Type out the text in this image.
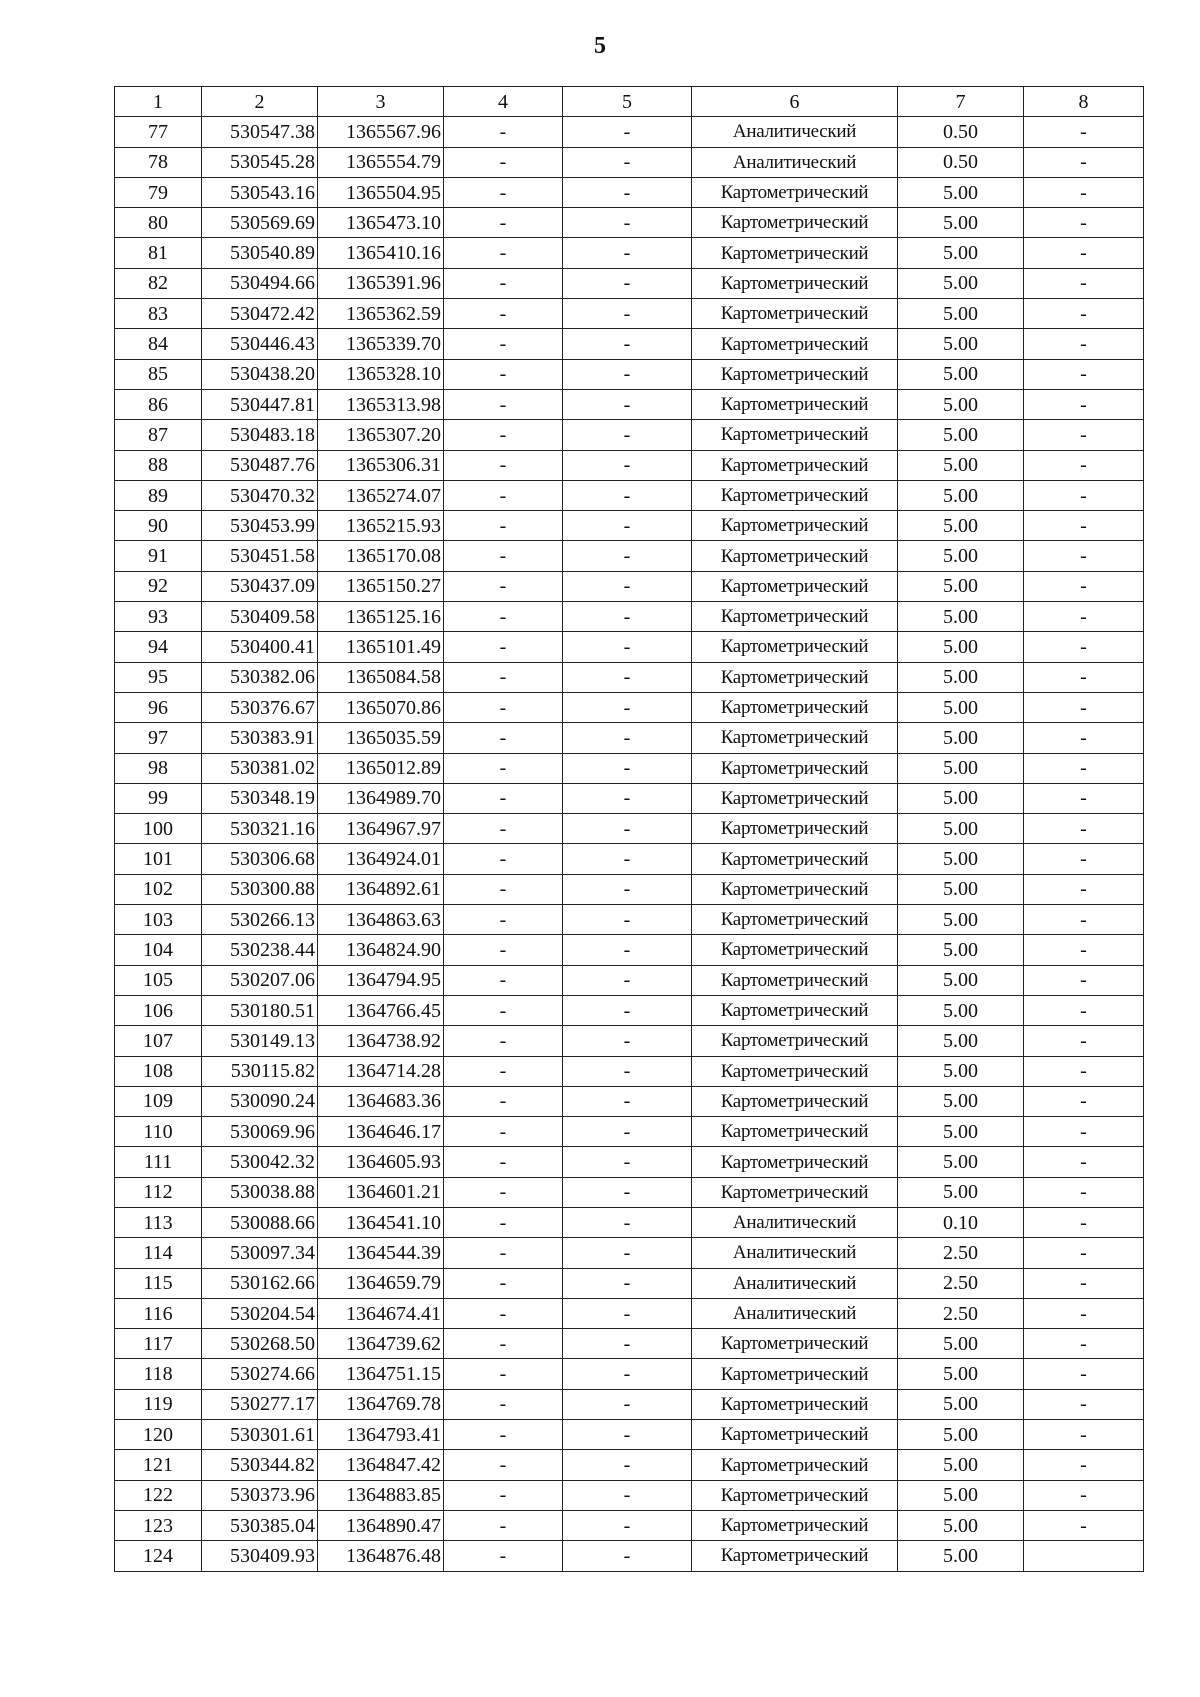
5
1	2	3	4	5	6	7	8
77	530547.38	1365567.96	-	-	Аналитический	0.50	-
78	530545.28	1365554.79	-	-	Аналитический	0.50	-
79	530543.16	1365504.95	-	-	Картометрический	5.00	-
80	530569.69	1365473.10	-	-	Картометрический	5.00	-
81	530540.89	1365410.16	-	-	Картометрический	5.00	-
82	530494.66	1365391.96	-	-	Картометрический	5.00	-
83	530472.42	1365362.59	-	-	Картометрический	5.00	-
84	530446.43	1365339.70	-	-	Картометрический	5.00	-
85	530438.20	1365328.10	-	-	Картометрический	5.00	-
86	530447.81	1365313.98	-	-	Картометрический	5.00	-
87	530483.18	1365307.20	-	-	Картометрический	5.00	-
88	530487.76	1365306.31	-	-	Картометрический	5.00	-
89	530470.32	1365274.07	-	-	Картометрический	5.00	-
90	530453.99	1365215.93	-	-	Картометрический	5.00	-
91	530451.58	1365170.08	-	-	Картометрический	5.00	-
92	530437.09	1365150.27	-	-	Картометрический	5.00	-
93	530409.58	1365125.16	-	-	Картометрический	5.00	-
94	530400.41	1365101.49	-	-	Картометрический	5.00	-
95	530382.06	1365084.58	-	-	Картометрический	5.00	-
96	530376.67	1365070.86	-	-	Картометрический	5.00	-
97	530383.91	1365035.59	-	-	Картометрический	5.00	-
98	530381.02	1365012.89	-	-	Картометрический	5.00	-
99	530348.19	1364989.70	-	-	Картометрический	5.00	-
100	530321.16	1364967.97	-	-	Картометрический	5.00	-
101	530306.68	1364924.01	-	-	Картометрический	5.00	-
102	530300.88	1364892.61	-	-	Картометрический	5.00	-
103	530266.13	1364863.63	-	-	Картометрический	5.00	-
104	530238.44	1364824.90	-	-	Картометрический	5.00	-
105	530207.06	1364794.95	-	-	Картометрический	5.00	-
106	530180.51	1364766.45	-	-	Картометрический	5.00	-
107	530149.13	1364738.92	-	-	Картометрический	5.00	-
108	530115.82	1364714.28	-	-	Картометрический	5.00	-
109	530090.24	1364683.36	-	-	Картометрический	5.00	-
110	530069.96	1364646.17	-	-	Картометрический	5.00	-
111	530042.32	1364605.93	-	-	Картометрический	5.00	-
112	530038.88	1364601.21	-	-	Картометрический	5.00	-
113	530088.66	1364541.10	-	-	Аналитический	0.10	-
114	530097.34	1364544.39	-	-	Аналитический	2.50	-
115	530162.66	1364659.79	-	-	Аналитический	2.50	-
116	530204.54	1364674.41	-	-	Аналитический	2.50	-
117	530268.50	1364739.62	-	-	Картометрический	5.00	-
118	530274.66	1364751.15	-	-	Картометрический	5.00	-
119	530277.17	1364769.78	-	-	Картометрический	5.00	-
120	530301.61	1364793.41	-	-	Картометрический	5.00	-
121	530344.82	1364847.42	-	-	Картометрический	5.00	-
122	530373.96	1364883.85	-	-	Картометрический	5.00	-
123	530385.04	1364890.47	-	-	Картометрический	5.00	-
124	530409.93	1364876.48	-	-	Картометрический	5.00	
